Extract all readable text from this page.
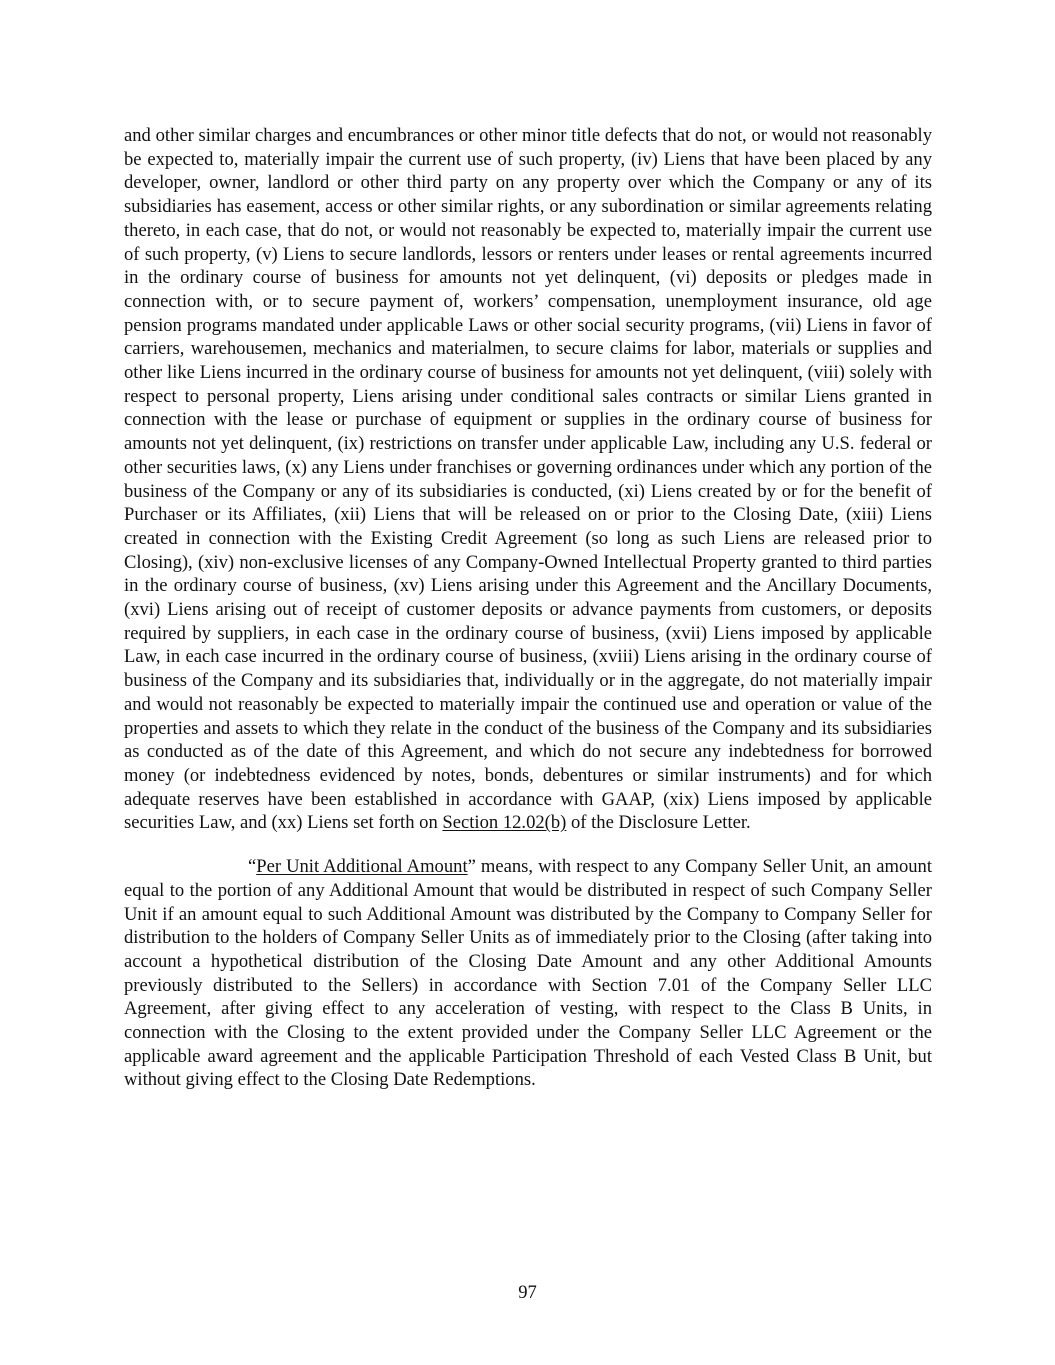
and other similar charges and encumbrances or other minor title defects that do not, or would not reasonably be expected to, materially impair the current use of such property, (iv) Liens that have been placed by any developer, owner, landlord or other third party on any property over which the Company or any of its subsidiaries has easement, access or other similar rights, or any subordination or similar agreements relating thereto, in each case, that do not, or would not reasonably be expected to, materially impair the current use of such property, (v) Liens to secure landlords, lessors or renters under leases or rental agreements incurred in the ordinary course of business for amounts not yet delinquent, (vi) deposits or pledges made in connection with, or to secure payment of, workers’ compensation, unemployment insurance, old age pension programs mandated under applicable Laws or other social security programs, (vii) Liens in favor of carriers, warehousemen, mechanics and materialmen, to secure claims for labor, materials or supplies and other like Liens incurred in the ordinary course of business for amounts not yet delinquent, (viii) solely with respect to personal property, Liens arising under conditional sales contracts or similar Liens granted in connection with the lease or purchase of equipment or supplies in the ordinary course of business for amounts not yet delinquent, (ix) restrictions on transfer under applicable Law, including any U.S. federal or other securities laws, (x) any Liens under franchises or governing ordinances under which any portion of the business of the Company or any of its subsidiaries is conducted, (xi) Liens created by or for the benefit of Purchaser or its Affiliates, (xii) Liens that will be released on or prior to the Closing Date, (xiii) Liens created in connection with the Existing Credit Agreement (so long as such Liens are released prior to Closing), (xiv) non-exclusive licenses of any Company-Owned Intellectual Property granted to third parties in the ordinary course of business, (xv) Liens arising under this Agreement and the Ancillary Documents, (xvi) Liens arising out of receipt of customer deposits or advance payments from customers, or deposits required by suppliers, in each case in the ordinary course of business, (xvii) Liens imposed by applicable Law, in each case incurred in the ordinary course of business, (xviii) Liens arising in the ordinary course of business of the Company and its subsidiaries that, individually or in the aggregate, do not materially impair and would not reasonably be expected to materially impair the continued use and operation or value of the properties and assets to which they relate in the conduct of the business of the Company and its subsidiaries as conducted as of the date of this Agreement, and which do not secure any indebtedness for borrowed money (or indebtedness evidenced by notes, bonds, debentures or similar instruments) and for which adequate reserves have been established in accordance with GAAP, (xix) Liens imposed by applicable securities Law, and (xx) Liens set forth on Section 12.02(b) of the Disclosure Letter.

“Per Unit Additional Amount” means, with respect to any Company Seller Unit, an amount equal to the portion of any Additional Amount that would be distributed in respect of such Company Seller Unit if an amount equal to such Additional Amount was distributed by the Company to Company Seller for distribution to the holders of Company Seller Units as of immediately prior to the Closing (after taking into account a hypothetical distribution of the Closing Date Amount and any other Additional Amounts previously distributed to the Sellers) in accordance with Section 7.01 of the Company Seller LLC Agreement, after giving effect to any acceleration of vesting, with respect to the Class B Units, in connection with the Closing to the extent provided under the Company Seller LLC Agreement or the applicable award agreement and the applicable Participation Threshold of each Vested Class B Unit, but without giving effect to the Closing Date Redemptions.

97
